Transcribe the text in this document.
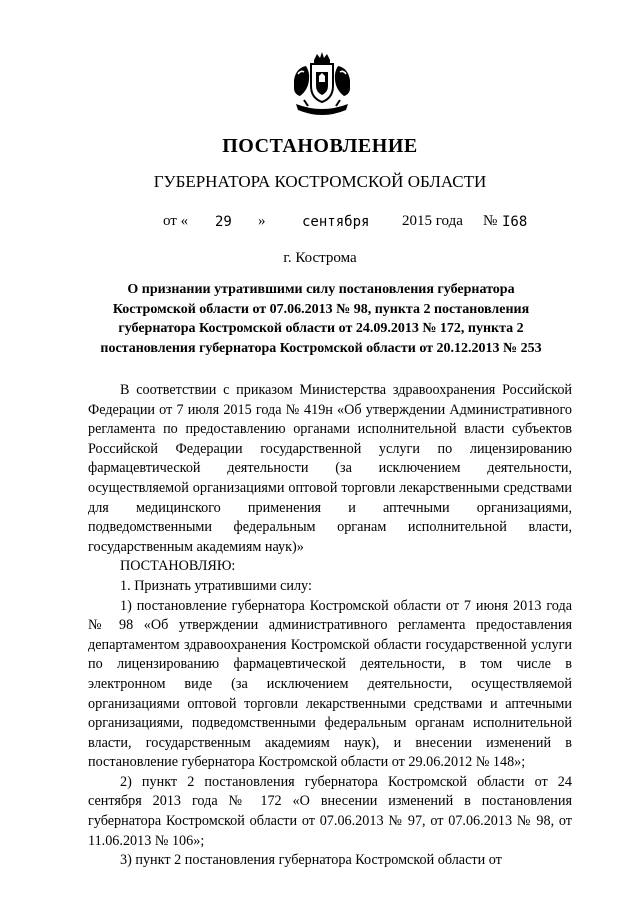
ПОСТАНОВЛЕНИЕ
ГУБЕРНАТОРА КОСТРОМСКОЙ ОБЛАСТИ
от « 29 »	сентября 2015 года № I68
г. Кострома
О признании утратившими силу постановления губернатора Костромской области от 07.06.2013 № 98, пункта 2 постановления губернатора Костромской области от 24.09.2013 № 172, пункта 2 постановления губернатора Костромской области от 20.12.2013 № 253

В соответствии с приказом Министерства здравоохранения Российской Федерации от 7 июля 2015 года № 419н «Об утверждении Административного регламента по предоставлению органами исполнительной власти субъектов Российской Федерации государственной услуги по лицензированию фармацевтической деятельности (за исключением деятельности, осуществляемой организациями оптовой торговли лекарственными средствами для медицинского применения и аптечными организациями, подведомственными федеральным органам исполнительной власти, государственным академиям наук)»

ПОСТАНОВЛЯЮ:

1. Признать утратившими силу:

1) постановление губернатора Костромской области от 7 июня 2013 года № 98 «Об утверждении административного регламента предоставления департаментом здравоохранения Костромской области государственной услуги по лицензированию фармацевтической деятельности, в том числе в электронном виде (за исключением деятельности, осуществляемой организациями оптовой торговли лекарственными средствами и аптечными организациями, подведомственными федеральным органам исполнительной власти, государственным академиям наук), и внесении изменений в постановление губернатора Костромской области от 29.06.2012 № 148»;

2) пункт 2 постановления губернатора Костромской области от 24 сентября 2013 года № 172 «О внесении изменений в постановления губернатора Костромской области от 07.06.2013 № 97, от 07.06.2013 № 98, от 11.06.2013 № 106»;

3) пункт 2 постановления губернатора Костромской области от
